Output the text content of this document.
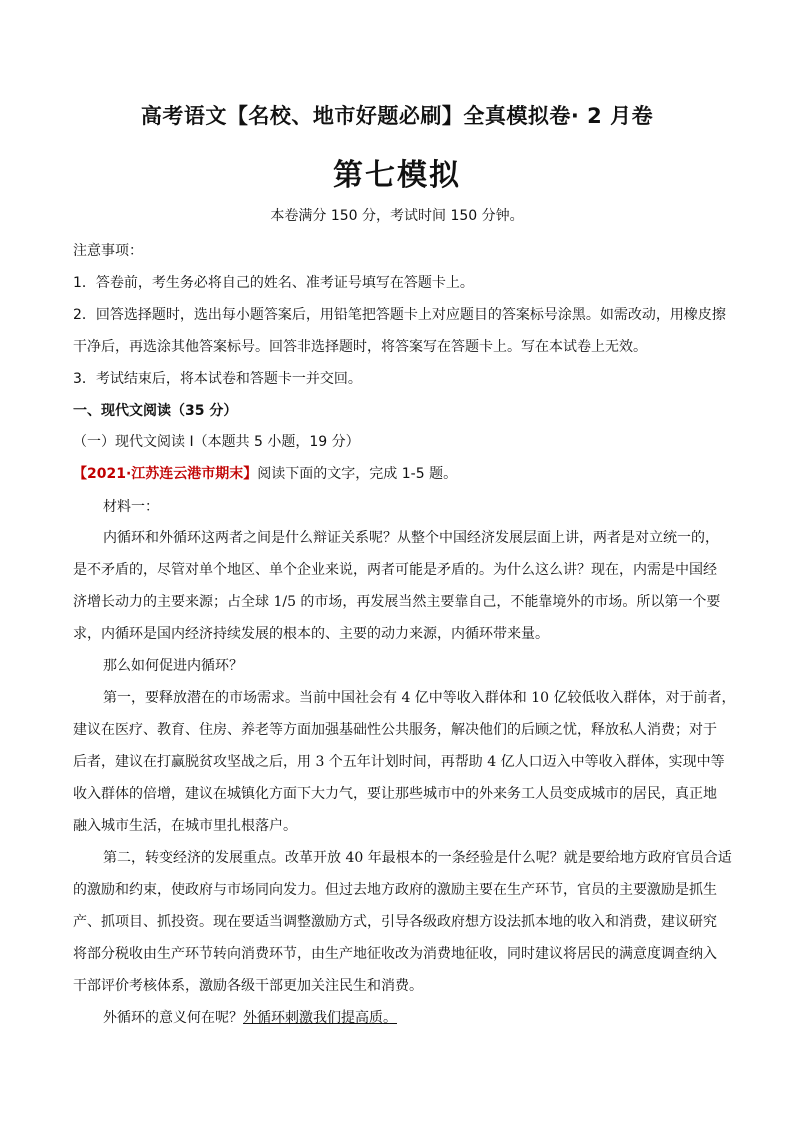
高考语文【名校、地市好题必刷】全真模拟卷· 2 月卷
第七模拟
本卷满分 150 分，考试时间 150 分钟。
注意事项：
1．答卷前，考生务必将自己的姓名、准考证号填写在答题卡上。
2．回答选择题时，选出每小题答案后，用铅笔把答题卡上对应题目的答案标号涂黑。如需改动，用橡皮擦
干净后，再选涂其他答案标号。回答非选择题时，将答案写在答题卡上。写在本试卷上无效。
3．考试结束后，将本试卷和答题卡一并交回。
一、现代文阅读（35 分）
（一）现代文阅读 I（本题共 5 小题，19 分）
【2021·江苏连云港市期末】阅读下面的文字，完成 1-5 题。
材料一：
内循环和外循环这两者之间是什么辩证关系呢？从整个中国经济发展层面上讲，两者是对立统一的，
是不矛盾的，尽管对单个地区、单个企业来说，两者可能是矛盾的。为什么这么讲？现在，内需是中国经
济增长动力的主要来源；占全球 1/5 的市场，再发展当然主要靠自己，不能靠境外的市场。所以第一个要
求，内循环是国内经济持续发展的根本的、主要的动力来源，内循环带来量。
那么如何促进内循环？
第一，要释放潜在的市场需求。当前中国社会有 4 亿中等收入群体和 10 亿较低收入群体，对于前者，
建议在医疗、教育、住房、养老等方面加强基础性公共服务，解决他们的后顾之忧，释放私人消费；对于
后者，建议在打赢脱贫攻坚战之后，用 3 个五年计划时间，再帮助 4 亿人口迈入中等收入群体，实现中等
收入群体的倍增，建议在城镇化方面下大力气，要让那些城市中的外来务工人员变成城市的居民，真正地
融入城市生活，在城市里扎根落户。
第二，转变经济的发展重点。改革开放 40 年最根本的一条经验是什么呢？就是要给地方政府官员合适
的激励和约束，使政府与市场同向发力。但过去地方政府的激励主要在生产环节，官员的主要激励是抓生
产、抓项目、抓投资。现在要适当调整激励方式，引导各级政府想方设法抓本地的收入和消费，建议研究
将部分税收由生产环节转向消费环节，由生产地征收改为消费地征收，同时建议将居民的满意度调查纳入
干部评价考核体系，激励各级干部更加关注民生和消费。
外循环的意义何在呢？外循环刺激我们提高质。
